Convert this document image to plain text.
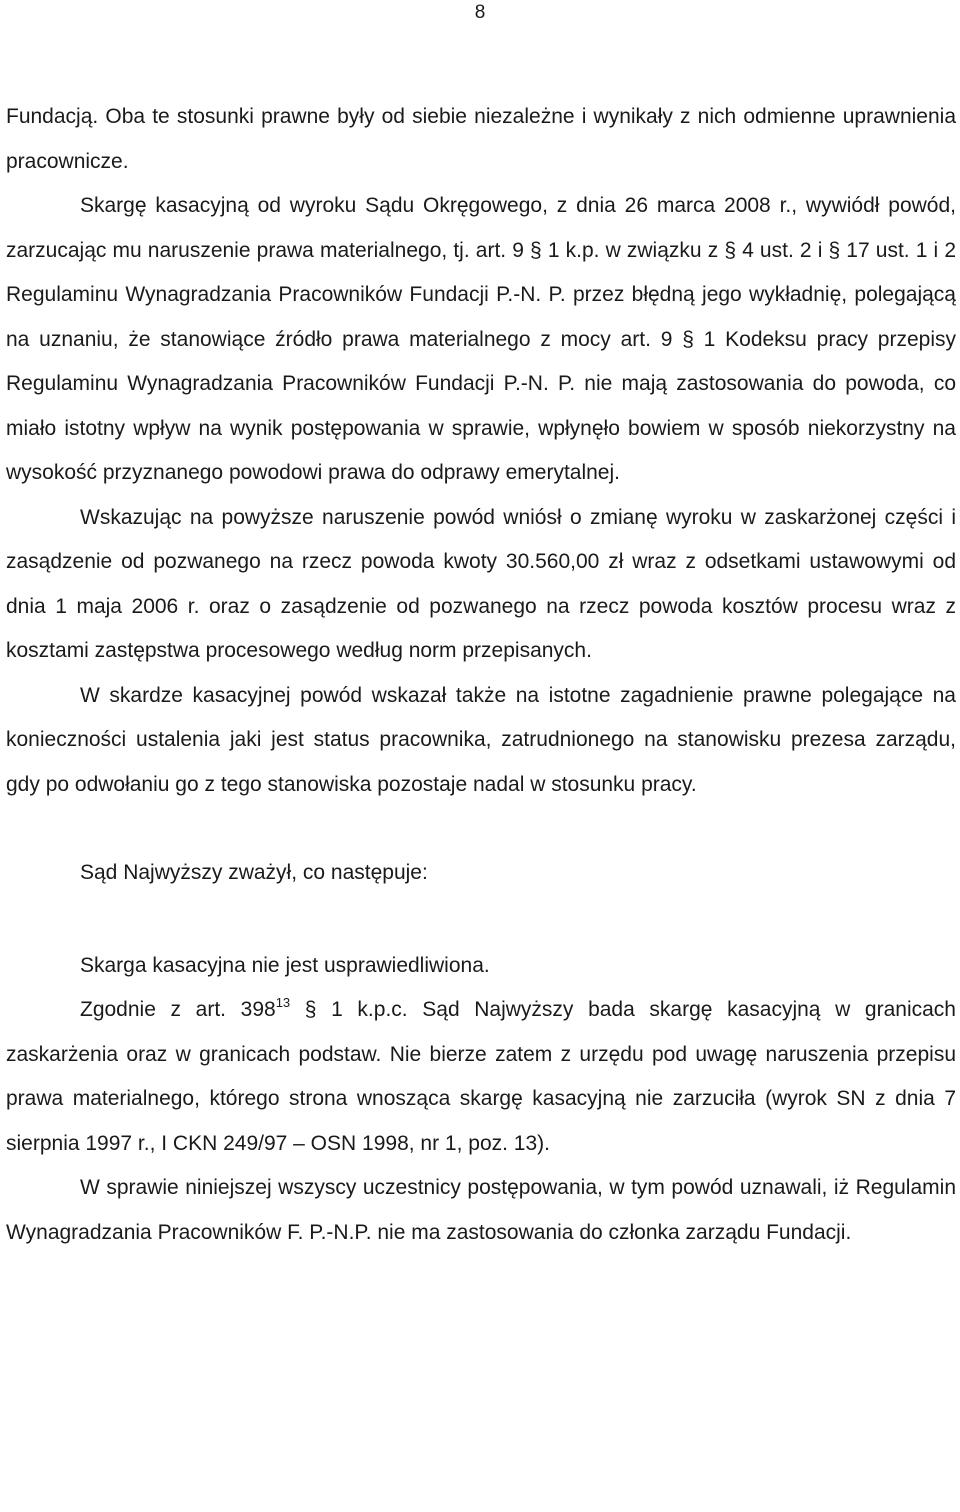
8

Fundacją. Oba te stosunki prawne były od siebie niezależne i wynikały z nich odmienne uprawnienia pracownicze.

Skargę kasacyjną od wyroku Sądu Okręgowego, z dnia 26 marca 2008 r., wywiódł powód, zarzucając mu naruszenie prawa materialnego, tj. art. 9 § 1 k.p. w związku z § 4 ust. 2 i § 17 ust. 1 i 2 Regulaminu Wynagradzania Pracowników Fundacji P.-N. P. przez błędną jego wykładnię, polegającą na uznaniu, że stanowiące źródło prawa materialnego z mocy art. 9 § 1 Kodeksu pracy przepisy Regulaminu Wynagradzania Pracowników Fundacji P.-N. P. nie mają zastosowania do powoda, co miało istotny wpływ na wynik postępowania w sprawie, wpłynęło bowiem w sposób niekorzystny na wysokość przyznanego powodowi prawa do odprawy emerytalnej.

Wskazując na powyższe naruszenie powód wniósł o zmianę wyroku w zaskarżonej części i zasądzenie od pozwanego na rzecz powoda kwoty 30.560,00 zł wraz z odsetkami ustawowymi od dnia 1 maja 2006 r. oraz o zasądzenie od pozwanego na rzecz powoda kosztów procesu wraz z kosztami zastępstwa procesowego według norm przepisanych.

W skardze kasacyjnej powód wskazał także na istotne zagadnienie prawne polegające na konieczności ustalenia jaki jest status pracownika, zatrudnionego na stanowisku prezesa zarządu, gdy po odwołaniu go z tego stanowiska pozostaje nadal w stosunku pracy.

Sąd Najwyższy zważył, co następuje:

Skarga kasacyjna nie jest usprawiedliwiona.

Zgodnie z art. $398^{13}$ § 1 k.p.c. Sąd Najwyższy bada skargę kasacyjną w granicach zaskarżenia oraz w granicach podstaw. Nie bierze zatem z urzędu pod uwagę naruszenia przepisu prawa materialnego, którego strona wnosząca skargę kasacyjną nie zarzuciła (wyrok SN z dnia 7 sierpnia 1997 r., I CKN 249/97 – OSN 1998, nr 1, poz. 13).

W sprawie niniejszej wszyscy uczestnicy postępowania, w tym powód uznawali, iż Regulamin Wynagradzania Pracowników F. P.-N.P. nie ma zastosowania do członka zarządu Fundacji.
